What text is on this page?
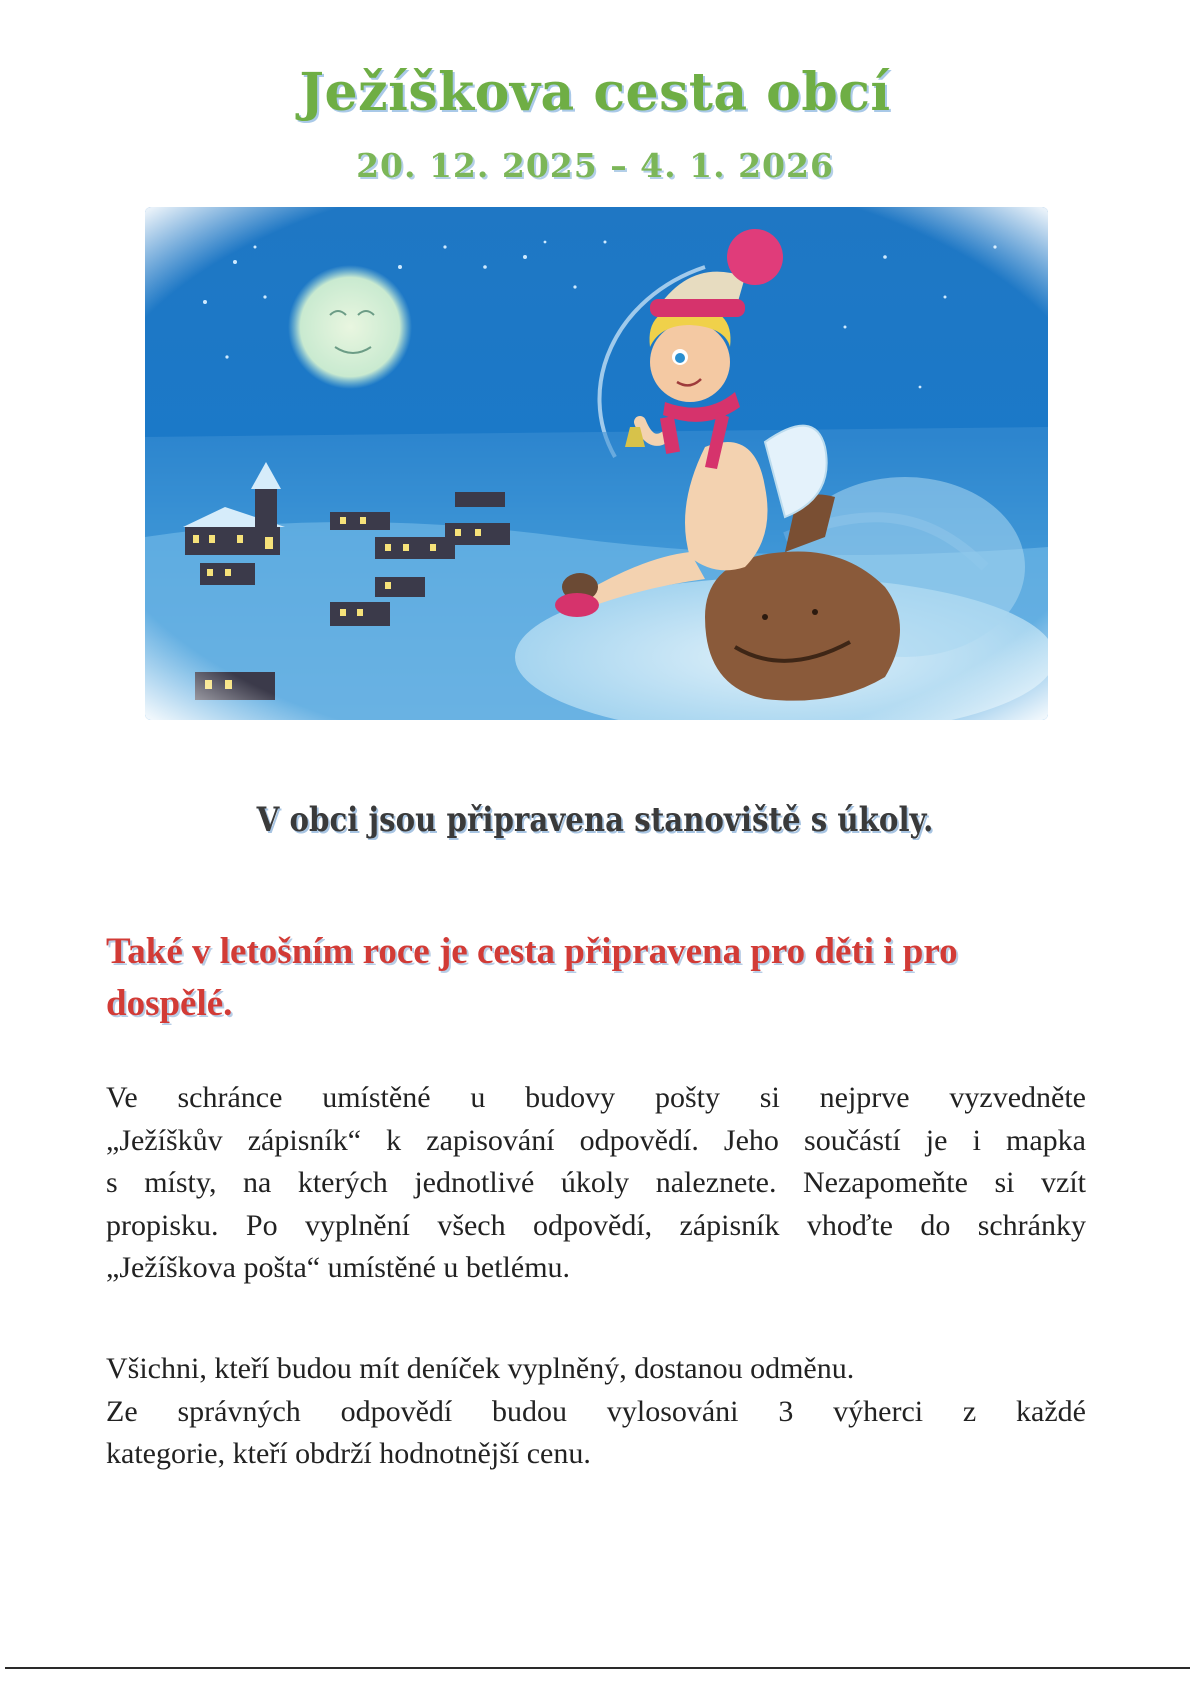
Ježíškova cesta obcí
20. 12. 2025 – 4. 1. 2026
V obci jsou připravena stanoviště s úkoly.
Také v letošním roce je cesta připravena pro děti i pro
dospělé.
Ve schránce umístěné u budovy pošty si nejprve vyzvedněte
„Ježíškův zápisník“ k zapisování odpovědí. Jeho součástí je i mapka
s místy, na kterých jednotlivé úkoly naleznete. Nezapomeňte si vzít
propisku. Po vyplnění všech odpovědí, zápisník vhoďte do schránky
„Ježíškova pošta“ umístěné u betlému.
Všichni, kteří budou mít deníček vyplněný, dostanou odměnu.
Ze správných odpovědí budou vylosováni 3 výherci z každé
kategorie, kteří obdrží hodnotnější cenu.
